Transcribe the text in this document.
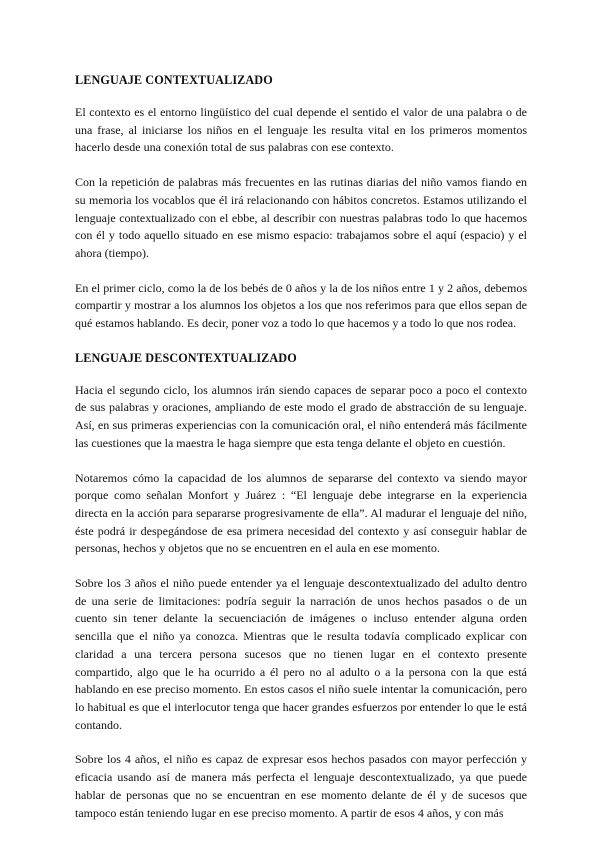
LENGUAJE CONTEXTUALIZADO

El contexto es el entorno lingüístico del cual depende el sentido el valor de una palabra o de una frase, al iniciarse los niños en el lenguaje les resulta vital en los primeros momentos hacerlo desde una conexión total de sus palabras con ese contexto.

Con la repetición de palabras más frecuentes en las rutinas diarias del niño vamos fiando en su memoria los vocablos que él irá relacionando con hábitos concretos. Estamos utilizando el lenguaje contextualizado con el ebbe, al describir con nuestras palabras todo lo que hacemos con él y todo aquello situado en ese mismo espacio: trabajamos sobre el aquí (espacio) y el ahora (tiempo).

En el primer ciclo, como la de los bebés de 0 años y la de los niños entre 1 y 2 años, debemos compartir y mostrar a los alumnos los objetos a los que nos referimos para que ellos sepan de qué estamos hablando. Es decir, poner voz a todo lo que hacemos y a todo lo que nos rodea.

LENGUAJE DESCONTEXTUALIZADO

Hacia el segundo ciclo, los alumnos irán siendo capaces de separar poco a poco el contexto de sus palabras y oraciones, ampliando de este modo el grado de abstracción de su lenguaje. Así, en sus primeras experiencias con la comunicación oral, el niño entenderá más fácilmente las cuestiones que la maestra le haga siempre que esta tenga delante el objeto en cuestión.

Notaremos cómo la capacidad de los alumnos de separarse del contexto va siendo mayor porque como señalan Monfort y Juárez : “El lenguaje debe integrarse en la experiencia directa en la acción para separarse progresivamente de ella”. Al madurar el lenguaje del niño, éste podrá ir despegándose de esa primera necesidad del contexto y así conseguir hablar de personas, hechos y objetos que no se encuentren en el aula en ese momento.

Sobre los 3 años el niño puede entender ya el lenguaje descontextualizado del adulto dentro de una serie de limitaciones: podría seguir la narración de unos hechos pasados o de un cuento sin tener delante la secuenciación de imágenes o incluso entender alguna orden sencilla que el niño ya conozca. Mientras que le resulta todavía complicado explicar con claridad a una tercera persona sucesos que no tienen lugar en el contexto presente compartido, algo que le ha ocurrido a él pero no al adulto o a la persona con la que está hablando en ese preciso momento. En estos casos el niño suele intentar la comunicación, pero lo habitual es que el interlocutor tenga que hacer grandes esfuerzos por entender lo que le está contando.

Sobre los 4 años, el niño es capaz de expresar esos hechos pasados con mayor perfección y eficacia usando así de manera más perfecta el lenguaje descontextualizado, ya que puede hablar de personas que no se encuentran en ese momento delante de él y de sucesos que tampoco están teniendo lugar en ese preciso momento. A partir de esos 4 años, y con más
